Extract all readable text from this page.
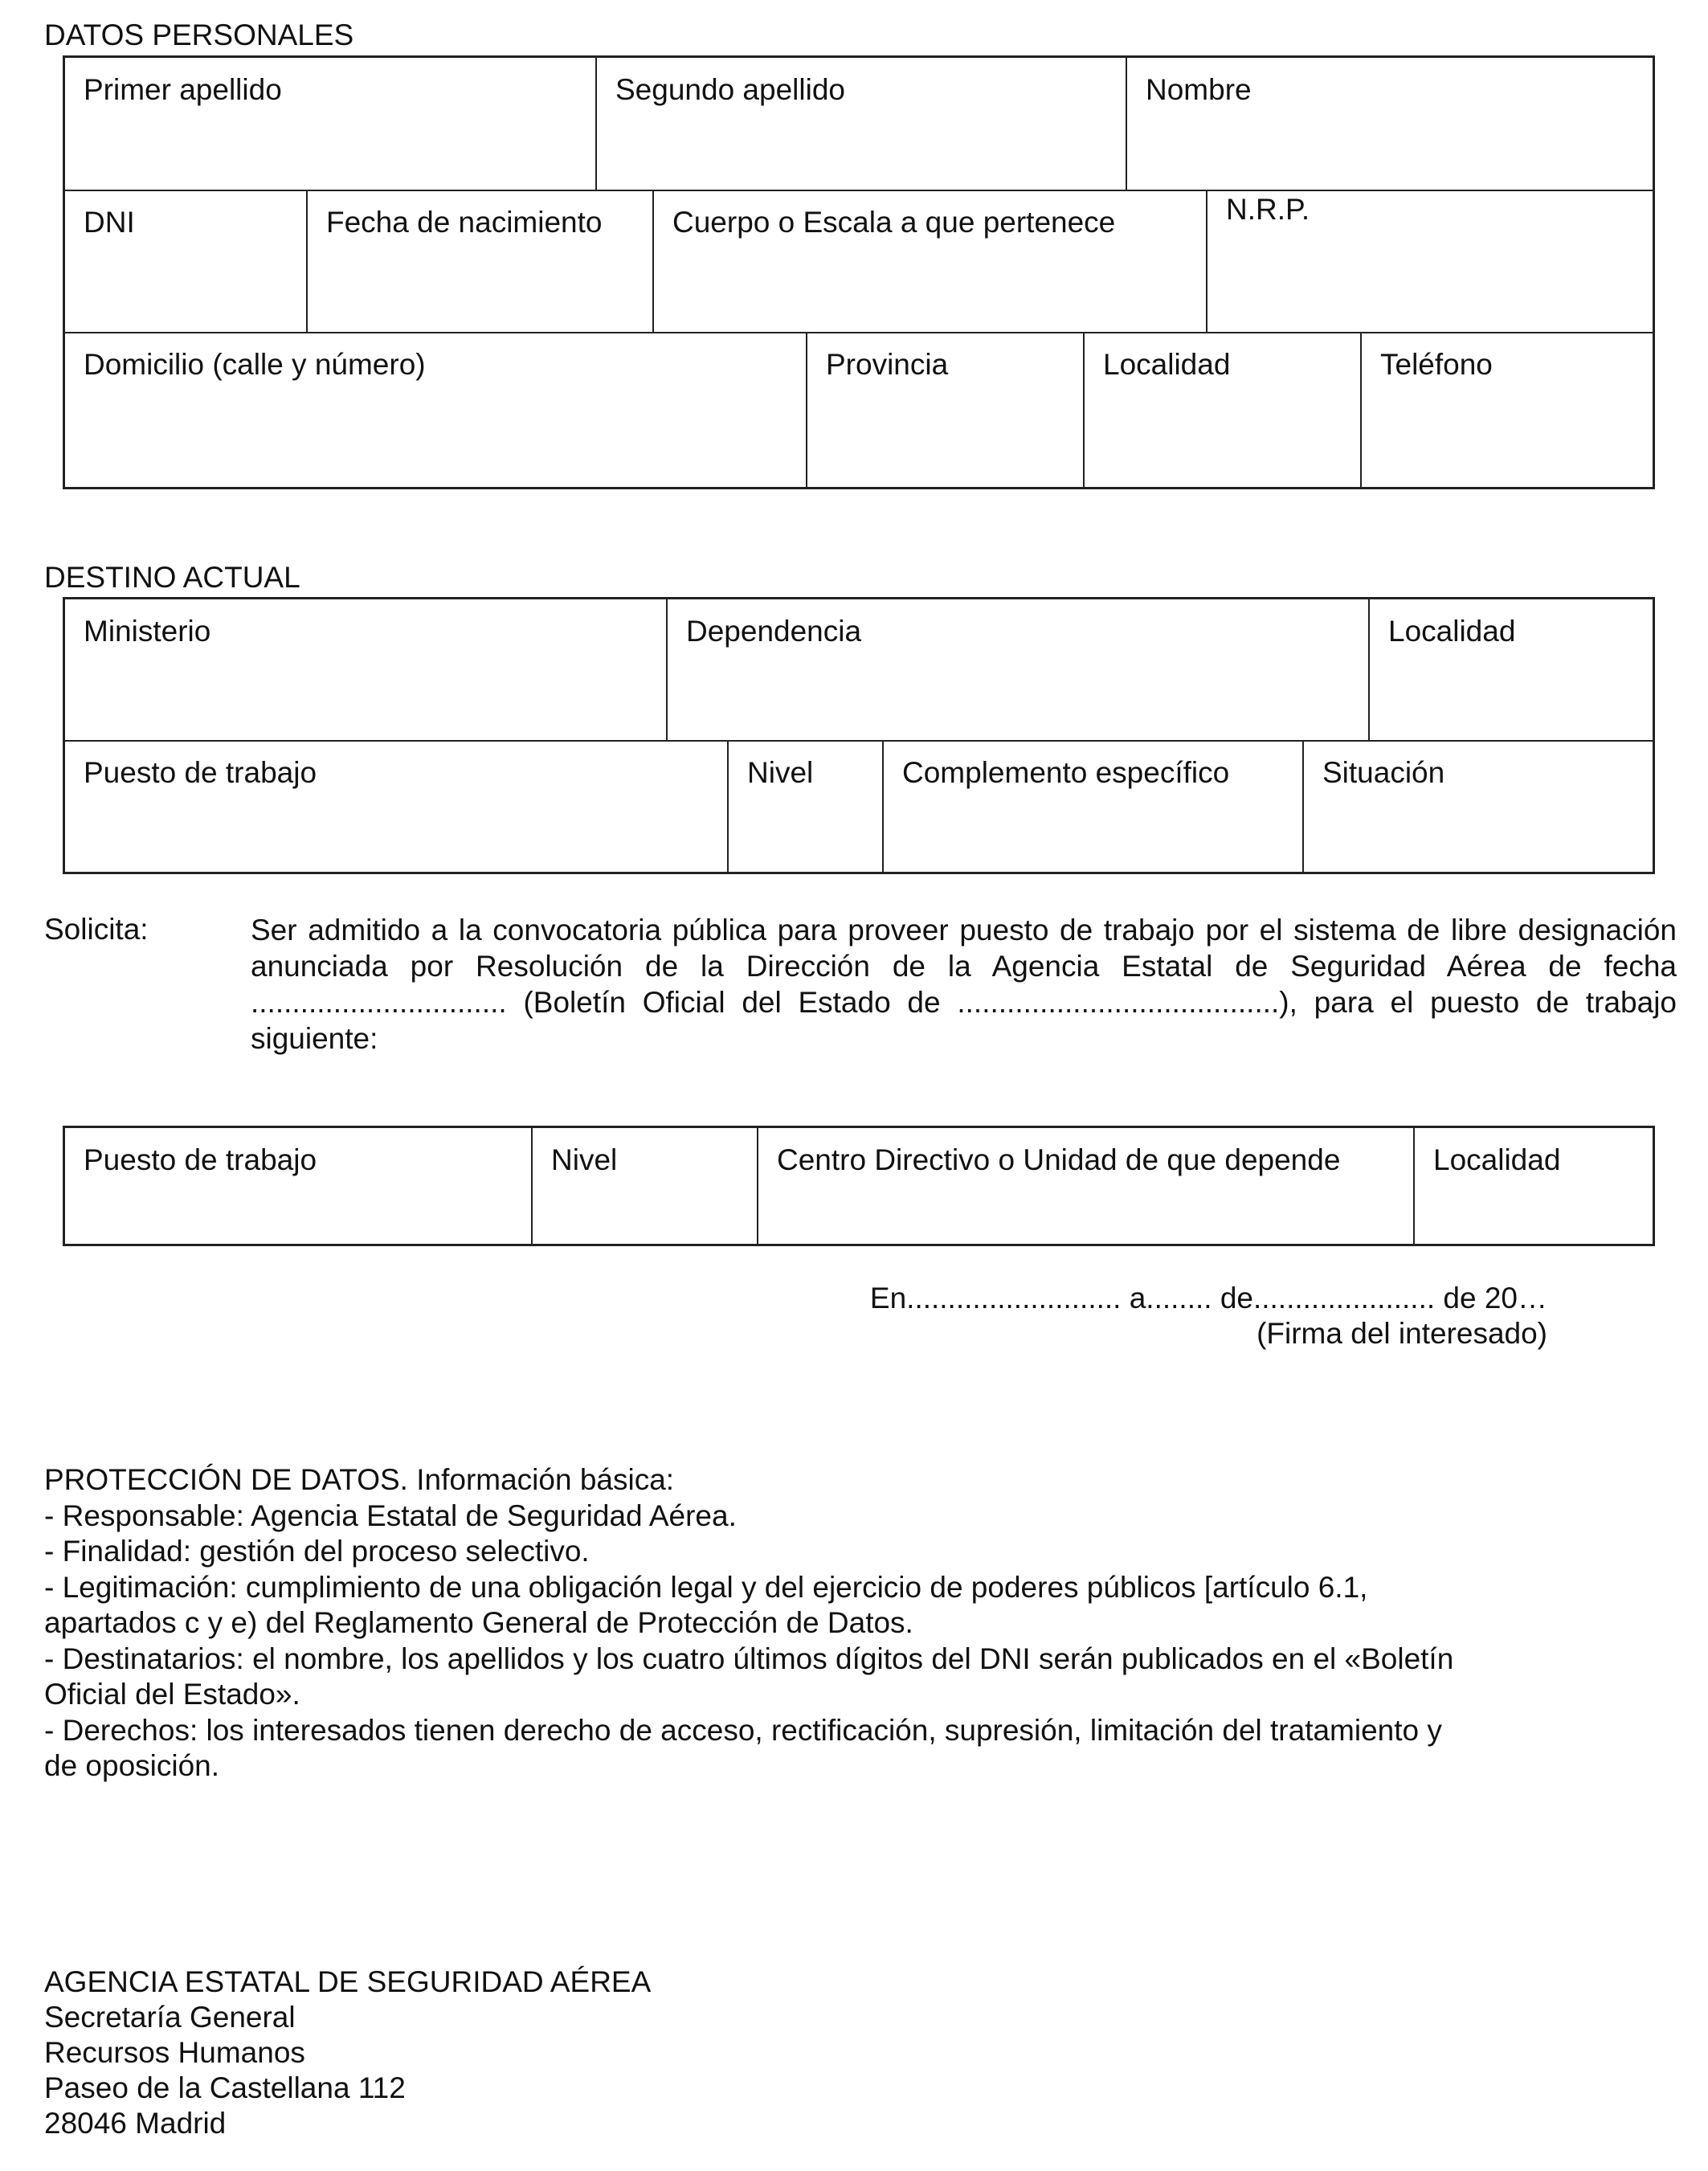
DATOS PERSONALES
Primer apellido	Segundo apellido	Nombre
DNI	Fecha de nacimiento	Cuerpo o Escala a que pertenece	N.R.P.
Domicilio (calle y número)	Provincia	Localidad	Teléfono
DESTINO ACTUAL
Ministerio	Dependencia	Localidad
Puesto de trabajo	Nivel	Complemento específico	Situación
Solicita:	Ser admitido a la convocatoria pública para proveer puesto de trabajo por el sistema de libre designación anunciada por Resolución de la Dirección de la Agencia Estatal de Seguridad Aérea de fecha ............................... (Boletín Oficial del Estado de .......................................), para el puesto de trabajo siguiente:
Puesto de trabajo	Nivel	Centro Directivo o Unidad de que depende	Localidad
En.......................... a........ de...................... de 20…
(Firma del interesado)
PROTECCIÓN DE DATOS. Información básica:
- Responsable: Agencia Estatal de Seguridad Aérea.
- Finalidad: gestión del proceso selectivo.
- Legitimación: cumplimiento de una obligación legal y del ejercicio de poderes públicos [artículo 6.1,
apartados c y e) del Reglamento General de Protección de Datos.
- Destinatarios: el nombre, los apellidos y los cuatro últimos dígitos del DNI serán publicados en el «Boletín
Oficial del Estado».
- Derechos: los interesados tienen derecho de acceso, rectificación, supresión, limitación del tratamiento y
de oposición.
AGENCIA ESTATAL DE SEGURIDAD AÉREA
Secretaría General
Recursos Humanos
Paseo de la Castellana 112
28046 Madrid
